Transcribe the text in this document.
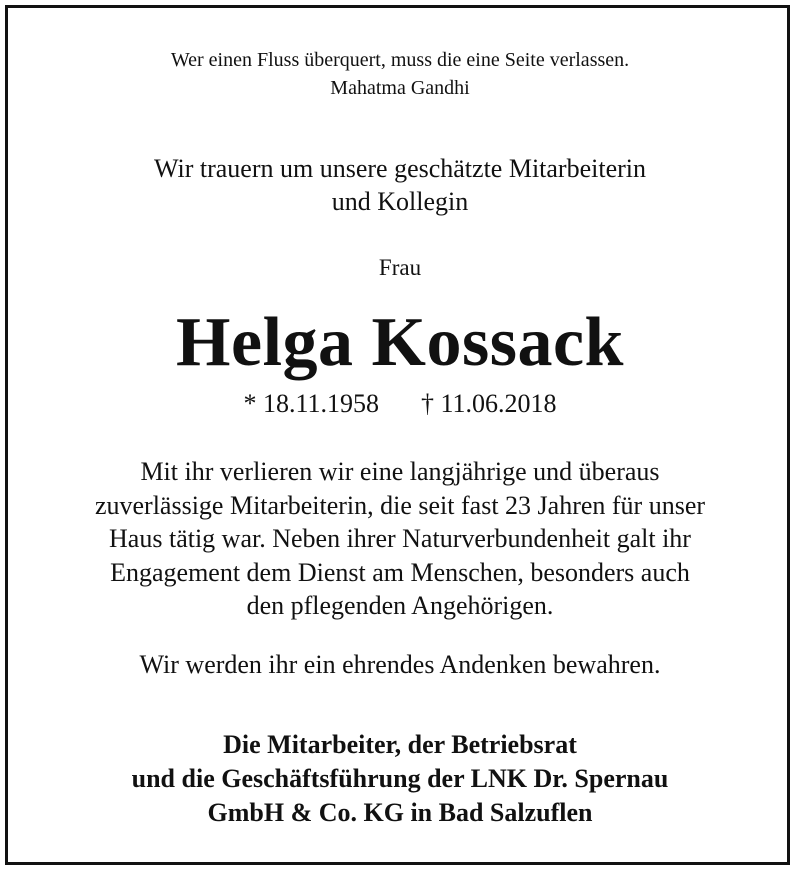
Wer einen Fluss überquert, muss die eine Seite verlassen.
Mahatma Gandhi
Wir trauern um unsere geschätzte Mitarbeiterin
und Kollegin
Frau
Helga Kossack
* 18.11.1958 † 11.06.2018
Mit ihr verlieren wir eine langjährige und überaus
zuverlässige Mitarbeiterin, die seit fast 23 Jahren für unser
Haus tätig war. Neben ihrer Naturverbundenheit galt ihr
Engagement dem Dienst am Menschen, besonders auch
den pflegenden Angehörigen.
Wir werden ihr ein ehrendes Andenken bewahren.
Die Mitarbeiter, der Betriebsrat
und die Geschäftsführung der LNK Dr. Spernau
GmbH & Co. KG in Bad Salzuflen
